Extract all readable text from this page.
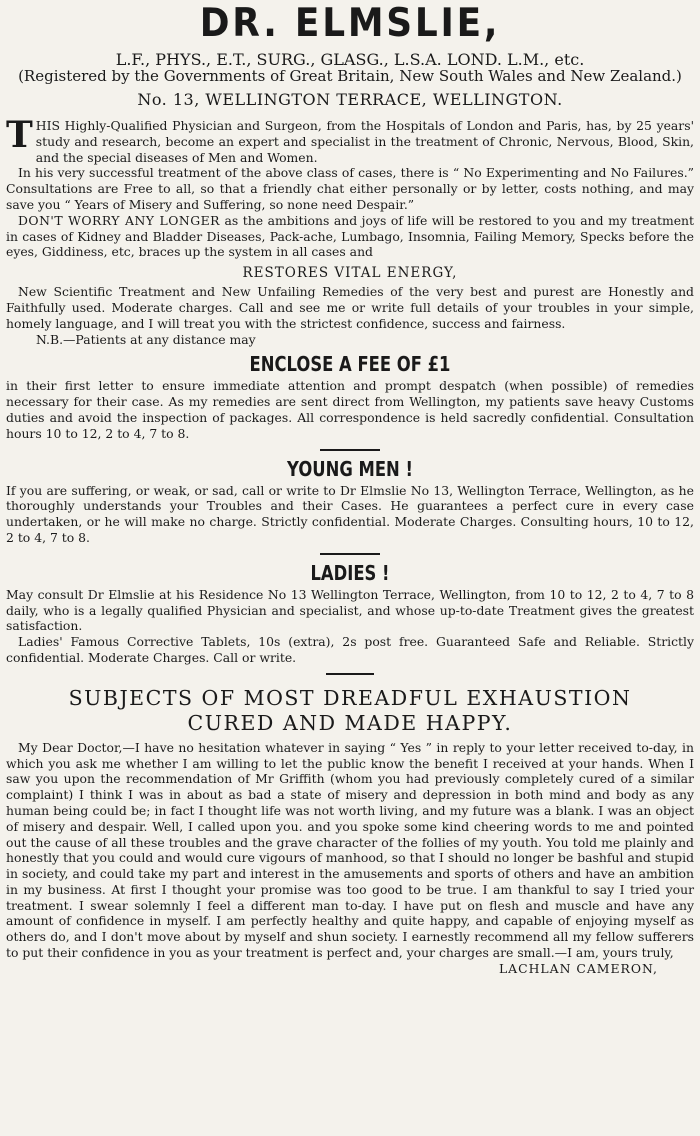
DR. ELMSLIE,
L.F., PHYS., E.T., SURG., GLASG., L.S.A. LOND. L.M., etc.
(Registered by the Governments of Great Britain, New South Wales and New Zealand.)
No. 13, WELLINGTON TERRACE, WELLINGTON.

THIS Highly-Qualified Physician and Surgeon, from the Hospitals of London and Paris, has, by 25 years' study and research, become an expert and specialist in the treatment of Chronic, Nervous, Blood, Skin, and the special diseases of Men and Women.

In his very successful treatment of the above class of cases, there is “ No Experimenting and No Failures.” Consultations are Free to all, so that a friendly chat either personally or by letter, costs nothing, and may save you “ Years of Misery and Suffering, so none need Despair.”

DON'T WORRY ANY LONGER as the ambitions and joys of life will be restored to you and my treatment in cases of Kidney and Bladder Diseases, Pack-ache, Lumbago, Insomnia, Failing Memory, Specks before the eyes, Giddiness, etc, braces up the system in all cases and

RESTORES VITAL ENERGY,

New Scientific Treatment and New Unfailing Remedies of the very best and purest are Honestly and Faithfully used. Moderate charges. Call and see me or write full details of your troubles in your simple, homely language, and I will treat you with the strictest confidence, success and fairness.

N.B.—Patients at any distance may

ENCLOSE A FEE OF £1

in their first letter to ensure immediate attention and prompt despatch (when possible) of remedies necessary for their case. As my remedies are sent direct from Wellington, my patients save heavy Customs duties and avoid the inspection of packages. All correspondence is held sacredly confidential. Consultation hours 10 to 12, 2 to 4, 7 to 8.

YOUNG MEN !

If you are suffering, or weak, or sad, call or write to Dr Elmslie No 13, Wellington Terrace, Wellington, as he thoroughly understands your Troubles and their Cases. He guarantees a perfect cure in every case undertaken, or he will make no charge. Strictly confidential. Moderate Charges. Consulting hours, 10 to 12, 2 to 4, 7 to 8.

LADIES !

May consult Dr Elmslie at his Residence No 13 Wellington Terrace, Wellington, from 10 to 12, 2 to 4, 7 to 8 daily, who is a legally qualified Physician and specialist, and whose up-to-date Treatment gives the greatest satisfaction.

Ladies' Famous Corrective Tablets, 10s (extra), 2s post free. Guaranteed Safe and Reliable. Strictly confidential. Moderate Charges. Call or write.

SUBJECTS OF MOST DREADFUL EXHAUSTION
CURED AND MADE HAPPY.

My Dear Doctor,—I have no hesitation whatever in saying “ Yes ” in reply to your letter received to-day, in which you ask me whether I am willing to let the public know the benefit I received at your hands. When I saw you upon the recommendation of Mr Griffith (whom you had previously completely cured of a similar complaint) I think I was in about as bad a state of misery and depression in both mind and body as any human being could be; in fact I thought life was not worth living, and my future was a blank. I was an object of misery and despair. Well, I called upon you. and you spoke some kind cheering words to me and pointed out the cause of all these troubles and the grave character of the follies of my youth. You told me plainly and honestly that you could and would cure vigours of manhood, so that I should no longer be bashful and stupid in society, and could take my part and interest in the amusements and sports of others and have an ambition in my business. At first I thought your promise was too good to be true. I am thankful to say I tried your treatment. I swear solemnly I feel a different man to-day. I have put on flesh and muscle and have any amount of confidence in myself. I am perfectly healthy and quite happy, and capable of enjoying myself as others do, and I don't move about by myself and shun society. I earnestly recommend all my fellow sufferers to put their confidence in you as your treatment is perfect and, your charges are small.—I am, yours truly,

LACHLAN CAMERON,
